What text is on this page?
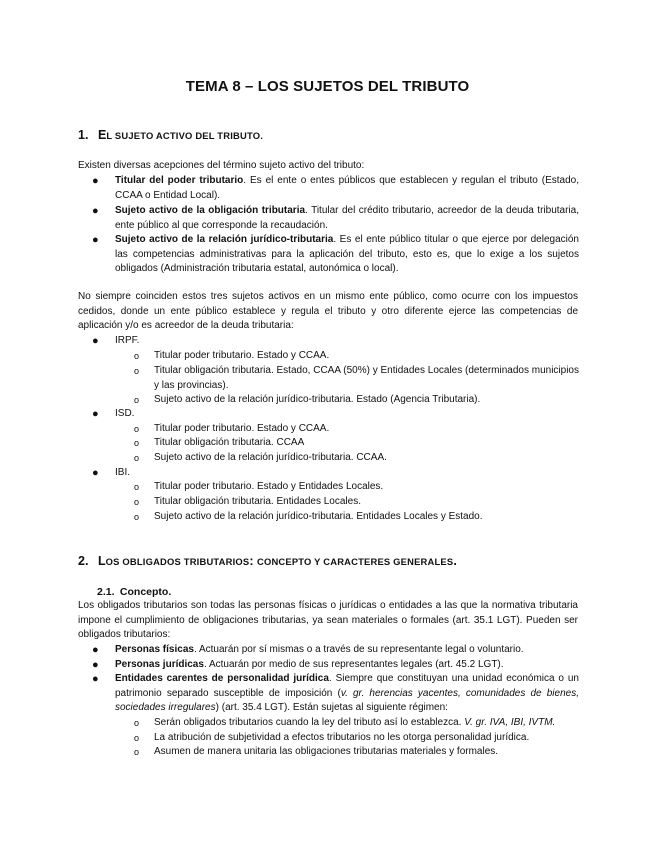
TEMA 8 – LOS SUJETOS DEL TRIBUTO
1. EL SUJETO ACTIVO DEL TRIBUTO.
Existen diversas acepciones del término sujeto activo del tributo:
● Titular del poder tributario. Es el ente o entes públicos que establecen y regulan el tributo (Estado, CCAA o Entidad Local).
● Sujeto activo de la obligación tributaria. Titular del crédito tributario, acreedor de la deuda tributaria, ente público al que corresponde la recaudación.
● Sujeto activo de la relación jurídico-tributaria. Es el ente público titular o que ejerce por delegación las competencias administrativas para la aplicación del tributo, esto es, que lo exige a los sujetos obligados (Administración tributaria estatal, autonómica o local).
No siempre coinciden estos tres sujetos activos en un mismo ente público, como ocurre con los impuestos cedidos, donde un ente público establece y regula el tributo y otro diferente ejerce las competencias de aplicación y/o es acreedor de la deuda tributaria:
● IRPF.
o Titular poder tributario. Estado y CCAA.
o Titular obligación tributaria. Estado, CCAA (50%) y Entidades Locales (determinados municipios y las provincias).
o Sujeto activo de la relación jurídico-tributaria. Estado (Agencia Tributaria).
● ISD.
o Titular poder tributario. Estado y CCAA.
o Titular obligación tributaria. CCAA
o Sujeto activo de la relación jurídico-tributaria. CCAA.
● IBI.
o Titular poder tributario. Estado y Entidades Locales.
o Titular obligación tributaria. Entidades Locales.
o Sujeto activo de la relación jurídico-tributaria. Entidades Locales y Estado.
2. LOS OBLIGADOS TRIBUTARIOS: CONCEPTO Y CARACTERES GENERALES.
2.1. Concepto.
Los obligados tributarios son todas las personas físicas o jurídicas o entidades a las que la normativa tributaria impone el cumplimiento de obligaciones tributarias, ya sean materiales o formales (art. 35.1 LGT). Pueden ser obligados tributarios:
● Personas físicas. Actuarán por sí mismas o a través de su representante legal o voluntario.
● Personas jurídicas. Actuarán por medio de sus representantes legales (art. 45.2 LGT).
● Entidades carentes de personalidad jurídica. Siempre que constituyan una unidad económica o un patrimonio separado susceptible de imposición (v. gr. herencias yacentes, comunidades de bienes, sociedades irregulares) (art. 35.4 LGT). Están sujetas al siguiente régimen:
o Serán obligados tributarios cuando la ley del tributo así lo establezca. V. gr. IVA, IBI, IVTM.
o La atribución de subjetividad a efectos tributarios no les otorga personalidad jurídica.
o Asumen de manera unitaria las obligaciones tributarias materiales y formales.
